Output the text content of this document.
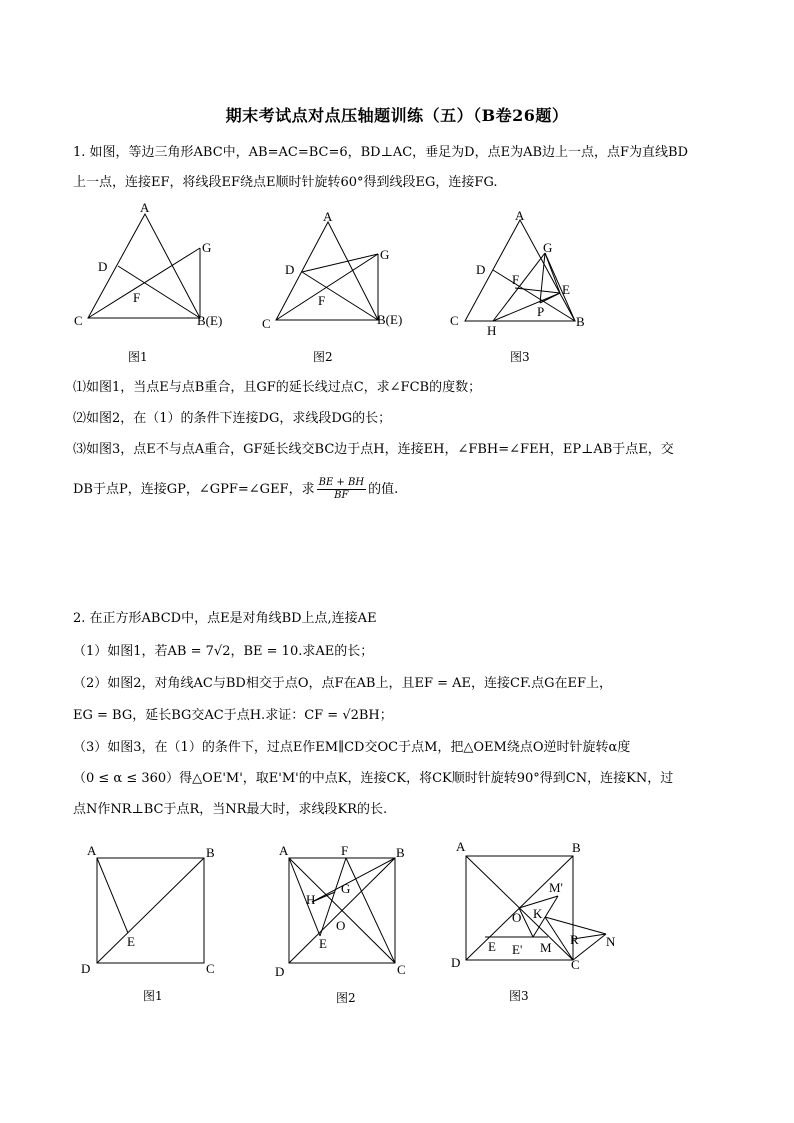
期末考试点对点压轴题训练（五）（B卷26题）
1. 如图，等边三角形ABC中，AB=AC=BC=6，BD⊥AC，垂足为D，点E为AB边上一点，点F为直线BD
上一点，连接EF，将线段EF绕点E顺时针旋转60°得到线段EG，连接FG.
A
D
G
F
C	B(E)
A
D
G
F
C	B(E)
A
D
G
F
E
P
C
H
B
图1	图2	图3
⑴如图1，当点E与点B重合，且GF的延长线过点C，求∠FCB的度数；
⑵如图2，在（1）的条件下连接DG，求线段DG的长；
⑶如图3，点E不与点A重合，GF延长线交BC边于点H，连接EH，∠FBH=∠FEH，EP⊥AB于点E，交
DB于点P，连接GP，∠GPF=∠GEF，求 $\frac{BE + BH}{BF}$ 的值.
2. 在正方形ABCD中，点E是对角线BD上点,连接AE
（1）如图1，若AB = 7√2，BE = 10.求AE的长；
（2）如图2，对角线AC与BD相交于点O，点F在AB上，且EF = AE，连接CF.点G在EF上，
EG = BG，延长BG交AC于点H.求证：CF = √2BH；
（3）如图3，在（1）的条件下，过点E作EM∥CD交OC于点M，把△OEM绕点O逆时针旋转α度
（0 ≤ α ≤ 360）得△OE'M'，取E'M'的中点K，连接CK，将CK顺时针旋转90°得到CN，连接KN，过
点N作NR⊥BC于点R，当NR最大时，求线段KR的长.
A	B
E
D	C
A	F	B
G
H
O
E
D	C
A	B
M'
O K
E E' M
R N
D	C
图1	图2	图3
